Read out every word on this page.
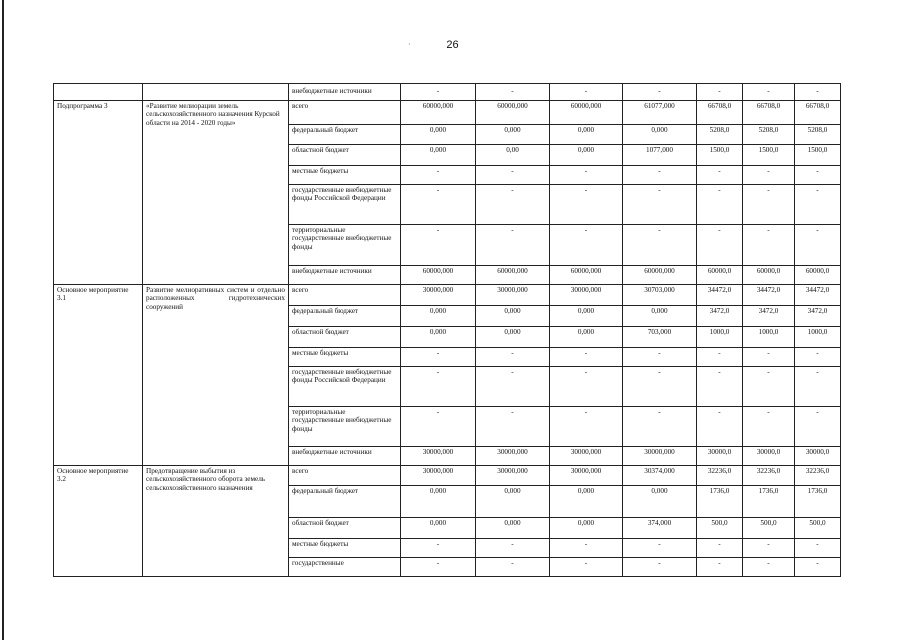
·	26
		внебюджетные источники	-	-	-	-	-	-	-
Подпрограмма 3	«Развитие мелиорации земель сельскохозяйственного назначения Курской области на 2014 - 2020 годы»	всего	60000,000	60000,000	60000,000	61077,000	66708,0	66708,0	66708,0
		федеральный бюджет	0,000	0,000	0,000	0,000	5208,0	5208,0	5208,0
		областной бюджет	0,000	0,00	0,000	1077,000	1500,0	1500,0	1500,0
		местные бюджеты	-	-	-	-	-	-	-
		государственные внебюджетные фонды Российской Федерации	-	-	-	-	-	-	-
		территориальные государственные внебюджетные фонды	-	-	-	-	-	-	-
		внебюджетные источники	60000,000	60000,000	60000,000	60000,000	60000,0	60000,0	60000,0
Основное мероприятие 3.1	Развитие мелиоративных систем и отдельно расположенных гидротехнических сооружений	всего	30000,000	30000,000	30000,000	30703,000	34472,0	34472,0	34472,0
		федеральный бюджет	0,000	0,000	0,000	0,000	3472,0	3472,0	3472,0
		областной бюджет	0,000	0,000	0,000	703,000	1000,0	1000,0	1000,0
		местные бюджеты	-	-	-	-	-	-	-
		государственные внебюджетные фонды Российской Федерации	-	-	-	-	-	-	-
		территориальные государственные внебюджетные фонды	-	-	-	-	-	-	-
		внебюджетные источники	30000,000	30000,000	30000,000	30000,000	30000,0	30000,0	30000,0
Основное мероприятие 3.2	Предотвращение выбытия из сельскохозяйственного оборота земель сельскохозяйственного назначения	всего	30000,000	30000,000	30000,000	30374,000	32236,0	32236,0	32236,0
		федеральный бюджет	0,000	0,000	0,000	0,000	1736,0	1736,0	1736,0
		областной бюджет	0,000	0,000	0,000	374,000	500,0	500,0	500,0
		местные бюджеты	-	-	-	-	-	-	-
		государственные	-	-	-	-	-	-	-
